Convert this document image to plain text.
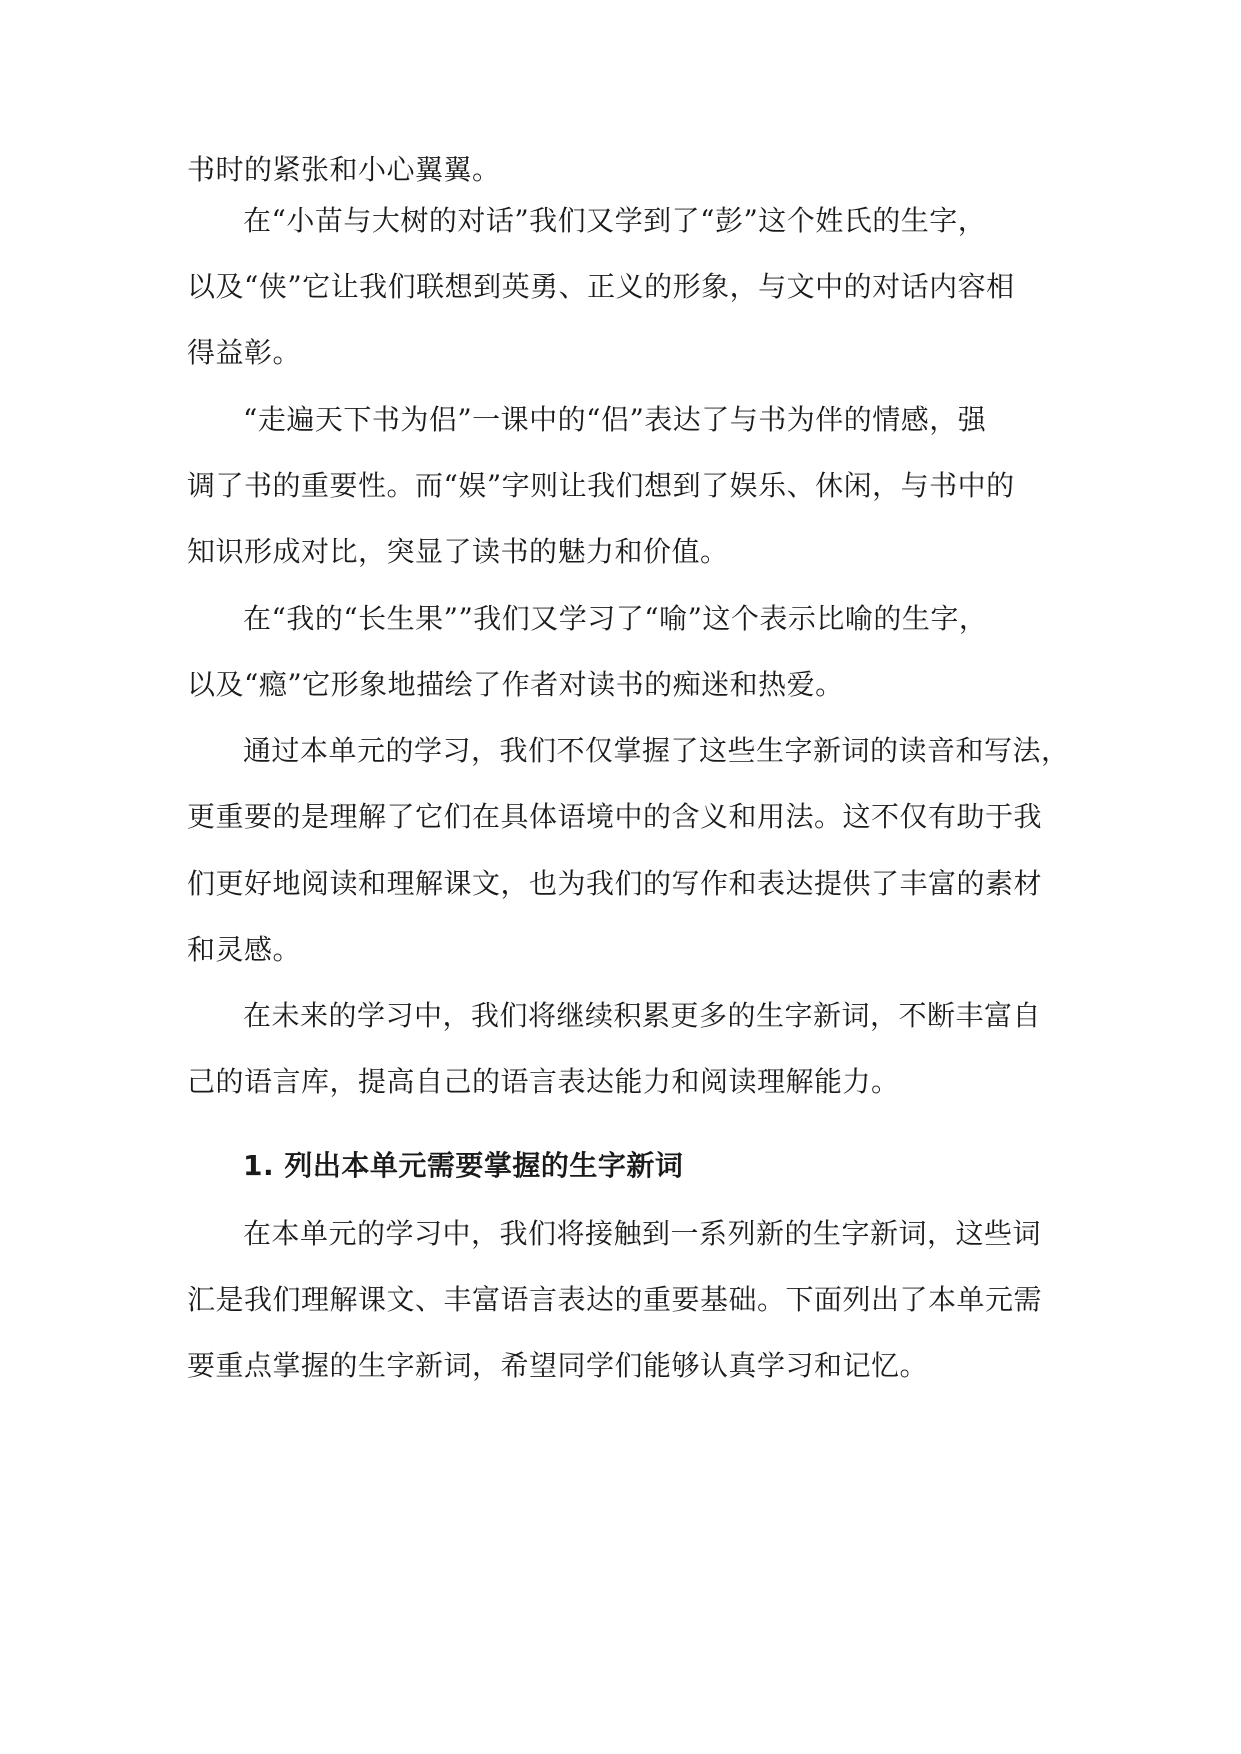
书时的紧张和小心翼翼。
在“小苗与大树的对话”我们又学到了“彭”这个姓氏的生字，
以及“侠”它让我们联想到英勇、正义的形象，与文中的对话内容相
得益彰。
“走遍天下书为侣”一课中的“侣”表达了与书为伴的情感，强
调了书的重要性。而“娱”字则让我们想到了娱乐、休闲，与书中的
知识形成对比，突显了读书的魅力和价值。
在“我的“长生果””我们又学习了“喻”这个表示比喻的生字，
以及“瘾”它形象地描绘了作者对读书的痴迷和热爱。
通过本单元的学习，我们不仅掌握了这些生字新词的读音和写法，
更重要的是理解了它们在具体语境中的含义和用法。这不仅有助于我
们更好地阅读和理解课文，也为我们的写作和表达提供了丰富的素材
和灵感。
在未来的学习中，我们将继续积累更多的生字新词，不断丰富自
己的语言库，提高自己的语言表达能力和阅读理解能力。
1. 列出本单元需要掌握的生字新词
在本单元的学习中，我们将接触到一系列新的生字新词，这些词
汇是我们理解课文、丰富语言表达的重要基础。下面列出了本单元需
要重点掌握的生字新词，希望同学们能够认真学习和记忆。
